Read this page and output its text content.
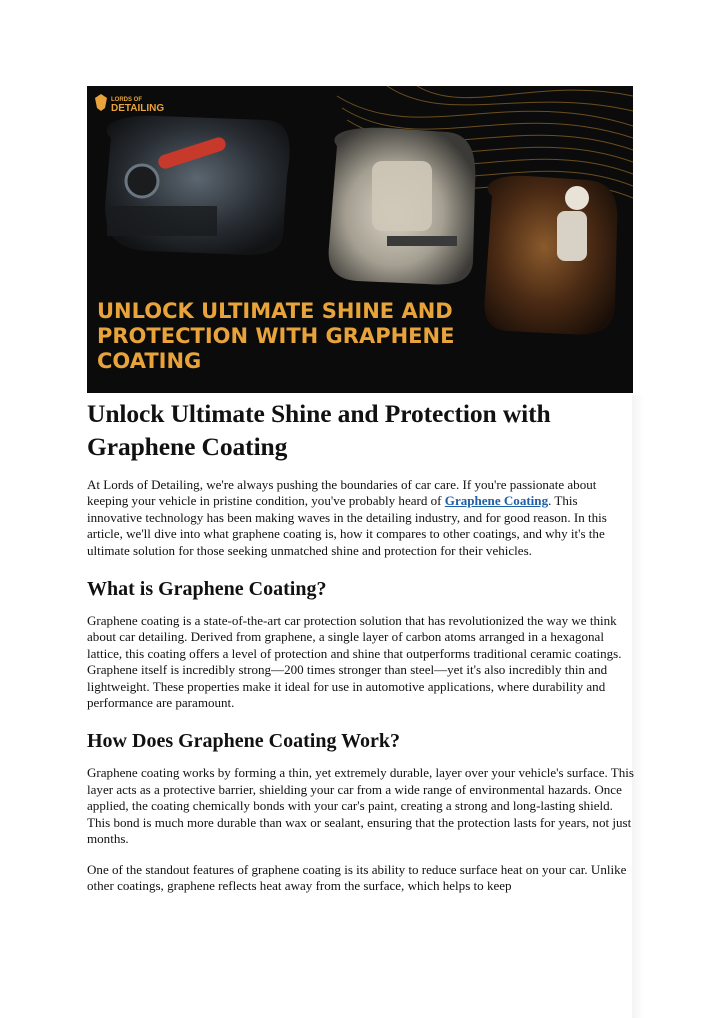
LORDS OF
DETAILING
UNLOCK ULTIMATE SHINE AND
PROTECTION WITH GRAPHENE
COATING
Unlock Ultimate Shine and Protection with Graphene Coating

At Lords of Detailing, we're always pushing the boundaries of car care. If you're passionate about keeping your vehicle in pristine condition, you've probably heard of Graphene Coating. This innovative technology has been making waves in the detailing industry, and for good reason. In this article, we'll dive into what graphene coating is, how it compares to other coatings, and why it's the ultimate solution for those seeking unmatched shine and protection for their vehicles.

What is Graphene Coating?

Graphene coating is a state-of-the-art car protection solution that has revolutionized the way we think about car detailing. Derived from graphene, a single layer of carbon atoms arranged in a hexagonal lattice, this coating offers a level of protection and shine that outperforms traditional ceramic coatings. Graphene itself is incredibly strong—200 times stronger than steel—yet it's also incredibly thin and lightweight. These properties make it ideal for use in automotive applications, where durability and performance are paramount.

How Does Graphene Coating Work?

Graphene coating works by forming a thin, yet extremely durable, layer over your vehicle's surface. This layer acts as a protective barrier, shielding your car from a wide range of environmental hazards. Once applied, the coating chemically bonds with your car's paint, creating a strong and long-lasting shield. This bond is much more durable than wax or sealant, ensuring that the protection lasts for years, not just months.

One of the standout features of graphene coating is its ability to reduce surface heat on your car. Unlike other coatings, graphene reflects heat away from the surface, which helps to keep
